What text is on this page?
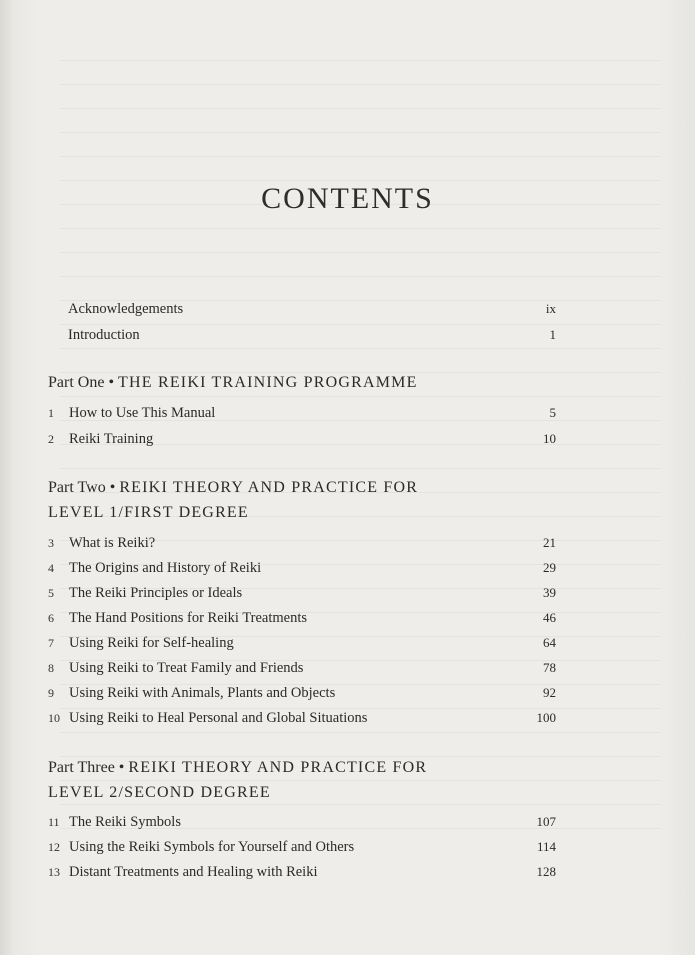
CONTENTS
Acknowledgements	ix
Introduction	1
Part One • THE REIKI TRAINING PROGRAMME
1	How to Use This Manual	5
2	Reiki Training	10
Part Two • REIKI THEORY AND PRACTICE FOR
LEVEL 1/FIRST DEGREE
3	What is Reiki?	21
4	The Origins and History of Reiki	29
5	The Reiki Principles or Ideals	39
6	The Hand Positions for Reiki Treatments	46
7	Using Reiki for Self-healing	64
8	Using Reiki to Treat Family and Friends	78
9	Using Reiki with Animals, Plants and Objects	92
10 Using Reiki to Heal Personal and Global Situations	100
Part Three • REIKI THEORY AND PRACTICE FOR
LEVEL 2/SECOND DEGREE
11 The Reiki Symbols	107
12 Using the Reiki Symbols for Yourself and Others	114
13 Distant Treatments and Healing with Reiki	128
